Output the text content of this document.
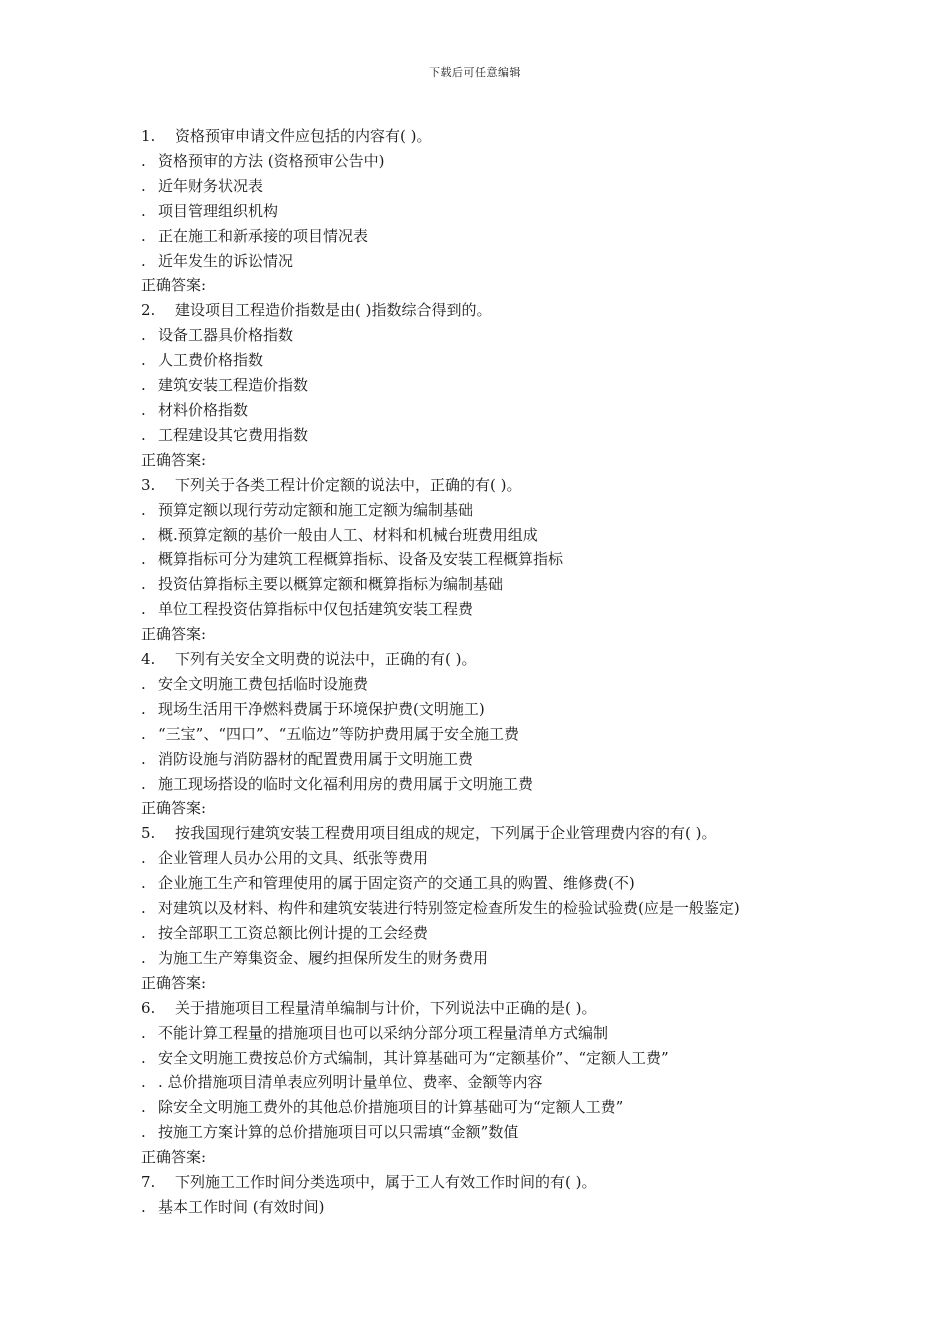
下载后可任意编辑
1. 资格预审申请文件应包括的内容有( )。
. 资格预审的方法 (资格预审公告中)
. 近年财务状况表
. 项目管理组织机构
. 正在施工和新承接的项目情况表
. 近年发生的诉讼情况
正确答案:
2. 建设项目工程造价指数是由( )指数综合得到的。
. 设备工器具价格指数
. 人工费价格指数
. 建筑安装工程造价指数
. 材料价格指数
. 工程建设其它费用指数
正确答案:
3. 下列关于各类工程计价定额的说法中，正确的有( )。
. 预算定额以现行劳动定额和施工定额为编制基础
. 概.预算定额的基价一般由人工、材料和机械台班费用组成
. 概算指标可分为建筑工程概算指标、设备及安装工程概算指标
. 投资估算指标主要以概算定额和概算指标为编制基础
. 单位工程投资估算指标中仅包括建筑安装工程费
正确答案:
4. 下列有关安全文明费的说法中，正确的有( )。
. 安全文明施工费包括临时设施费
. 现场生活用干净燃料费属于环境保护费(文明施工)
. “三宝”、“四口”、“五临边”等防护费用属于安全施工费
. 消防设施与消防器材的配置费用属于文明施工费
. 施工现场搭设的临时文化福利用房的费用属于文明施工费
正确答案:
5. 按我国现行建筑安装工程费用项目组成的规定，下列属于企业管理费内容的有( )。
. 企业管理人员办公用的文具、纸张等费用
. 企业施工生产和管理使用的属于固定资产的交通工具的购置、维修费(不)
. 对建筑以及材料、构件和建筑安装进行特别签定检查所发生的检验试验费(应是一般鉴定)
. 按全部职工工资总额比例计提的工会经费
. 为施工生产筹集资金、履约担保所发生的财务费用
正确答案:
6. 关于措施项目工程量清单编制与计价，下列说法中正确的是( )。
. 不能计算工程量的措施项目也可以采纳分部分项工程量清单方式编制
. 安全文明施工费按总价方式编制，其计算基础可为“定额基价”、“定额人工费”
. . 总价措施项目清单表应列明计量单位、费率、金额等内容
. 除安全文明施工费外的其他总价措施项目的计算基础可为“定额人工费”
. 按施工方案计算的总价措施项目可以只需填“金额”数值
正确答案:
7. 下列施工工作时间分类选项中，属于工人有效工作时间的有( )。
. 基本工作时间 (有效时间)
